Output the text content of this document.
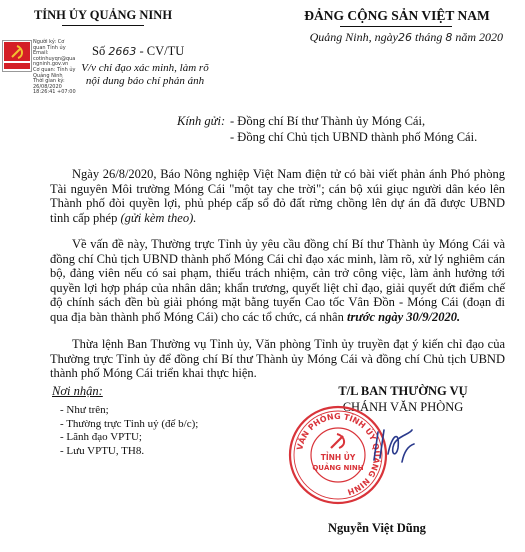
TỈNH ỦY QUẢNG NINH	ĐẢNG CỘNG SẢN VIỆT NAM
Quảng Ninh, ngày26 tháng 8 năm 2020
Người ký: Cơ
quan Tỉnh ủy
Email:
cotinhuyqn@qua
ngninh.gov.vn
Cơ quan: Tỉnh ủy
Quảng Ninh
Thời gian ký:
26/08/2020
18:26:41 +07:00
Số 2663 - CV/TU
V/v chỉ đạo xác minh, làm rõ
nội dung báo chí phản ánh
Kính gửi: - Đồng chí Bí thư Thành ủy Móng Cái,
- Đồng chí Chủ tịch UBND thành phố Móng Cái.
Ngày 26/8/2020, Báo Nông nghiệp Việt Nam điện tử có bài viết phản ánh Phó phòng Tài nguyên Môi trường Móng Cái "một tay che trời"; cán bộ xúi giục người dân kéo lên Thành phố đòi quyền lợi, phủ phép cấp sổ đỏ đất rừng chồng lên dự án đã được UBND tỉnh cấp phép (gửi kèm theo).
Về vấn đề này, Thường trực Tỉnh ủy yêu cầu đồng chí Bí thư Thành ủy Móng Cái và đồng chí Chủ tịch UBND thành phố Móng Cái chỉ đạo xác minh, làm rõ, xử lý nghiêm cán bộ, đảng viên nếu có sai phạm, thiếu trách nhiệm, cản trở công việc, làm ảnh hưởng tới quyền lợi hợp pháp của nhân dân; khẩn trương, quyết liệt chỉ đạo, giải quyết dứt điểm chế độ chính sách đền bù giải phóng mặt bằng tuyến Cao tốc Vân Đồn - Móng Cái (đoạn đi qua địa bàn thành phố Móng Cái) cho các tổ chức, cá nhân trước ngày 30/9/2020.
Thừa lệnh Ban Thường vụ Tỉnh ủy, Văn phòng Tỉnh ủy truyền đạt ý kiến chỉ đạo của Thường trực Tỉnh ủy để đồng chí Bí thư Thành ủy Móng Cái và đồng chí Chủ tịch UBND thành phố Móng Cái triển khai thực hiện.
Nơi nhận:
- Như trên;
- Thường trực Tỉnh uỷ (để b/c);
- Lãnh đạo VPTU;
- Lưu VPTU, TH8.
T/L BAN THƯỜNG VỤ
CHÁNH VĂN PHÒNG
VĂN PHÒNG TỈNH ỦY QUẢNG NINH
TỈNH ỦY
QUẢNG NINH
Nguyễn Việt Dũng
